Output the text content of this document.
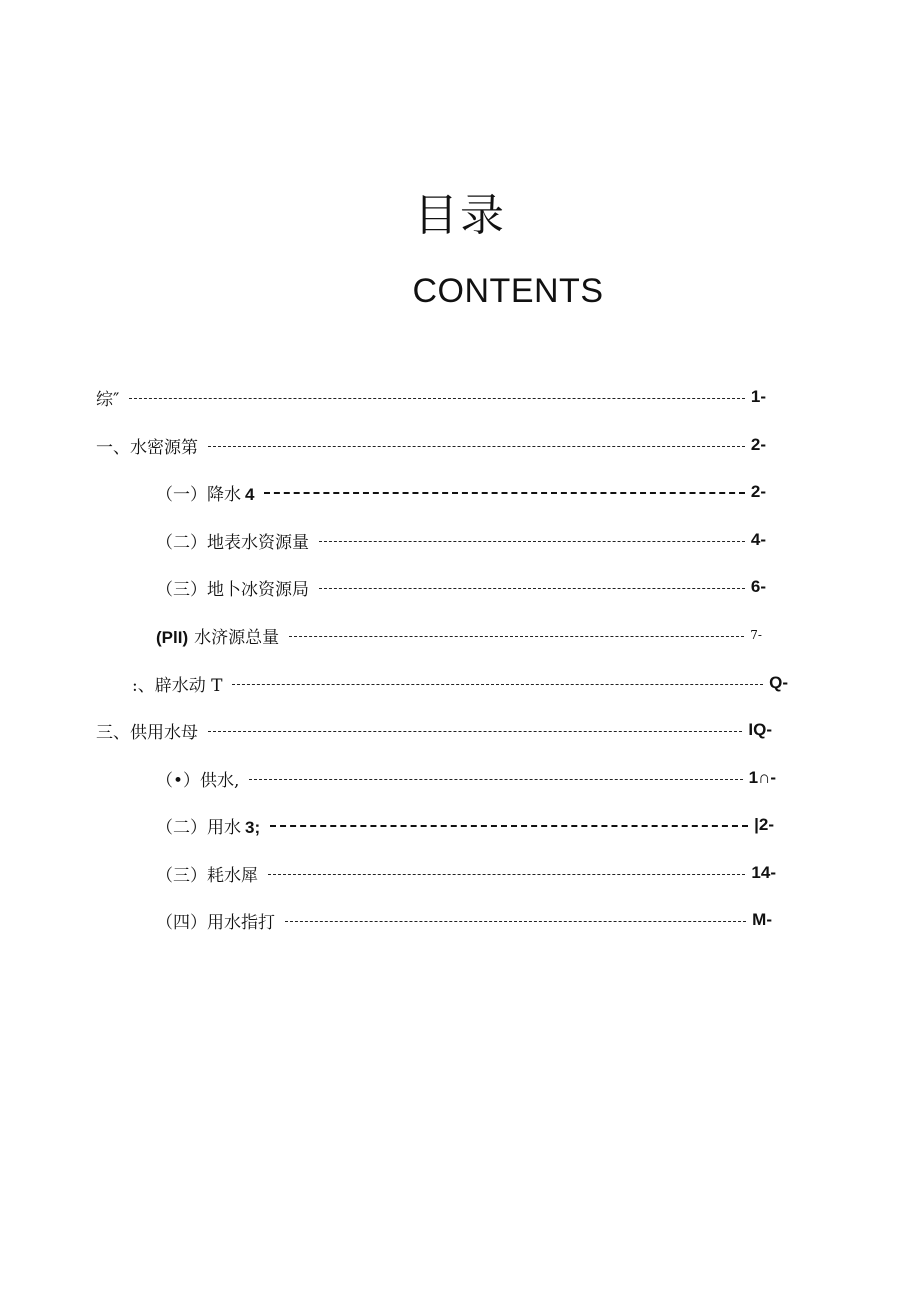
目录
CONTENTS
综″	1-
一、水密源第	2-
（一）降水 4	2-
（二）地表水资源量	4-
（三）地卜冰资源局	6-
(PlI) 水济源总量	7-
:、辟水动 T	Q-
三、供用水母	IQ-
（•）供水,	1∩-
（二）用水 3;	|2-
（三）耗水犀	14-
（四）用水指打	M-
